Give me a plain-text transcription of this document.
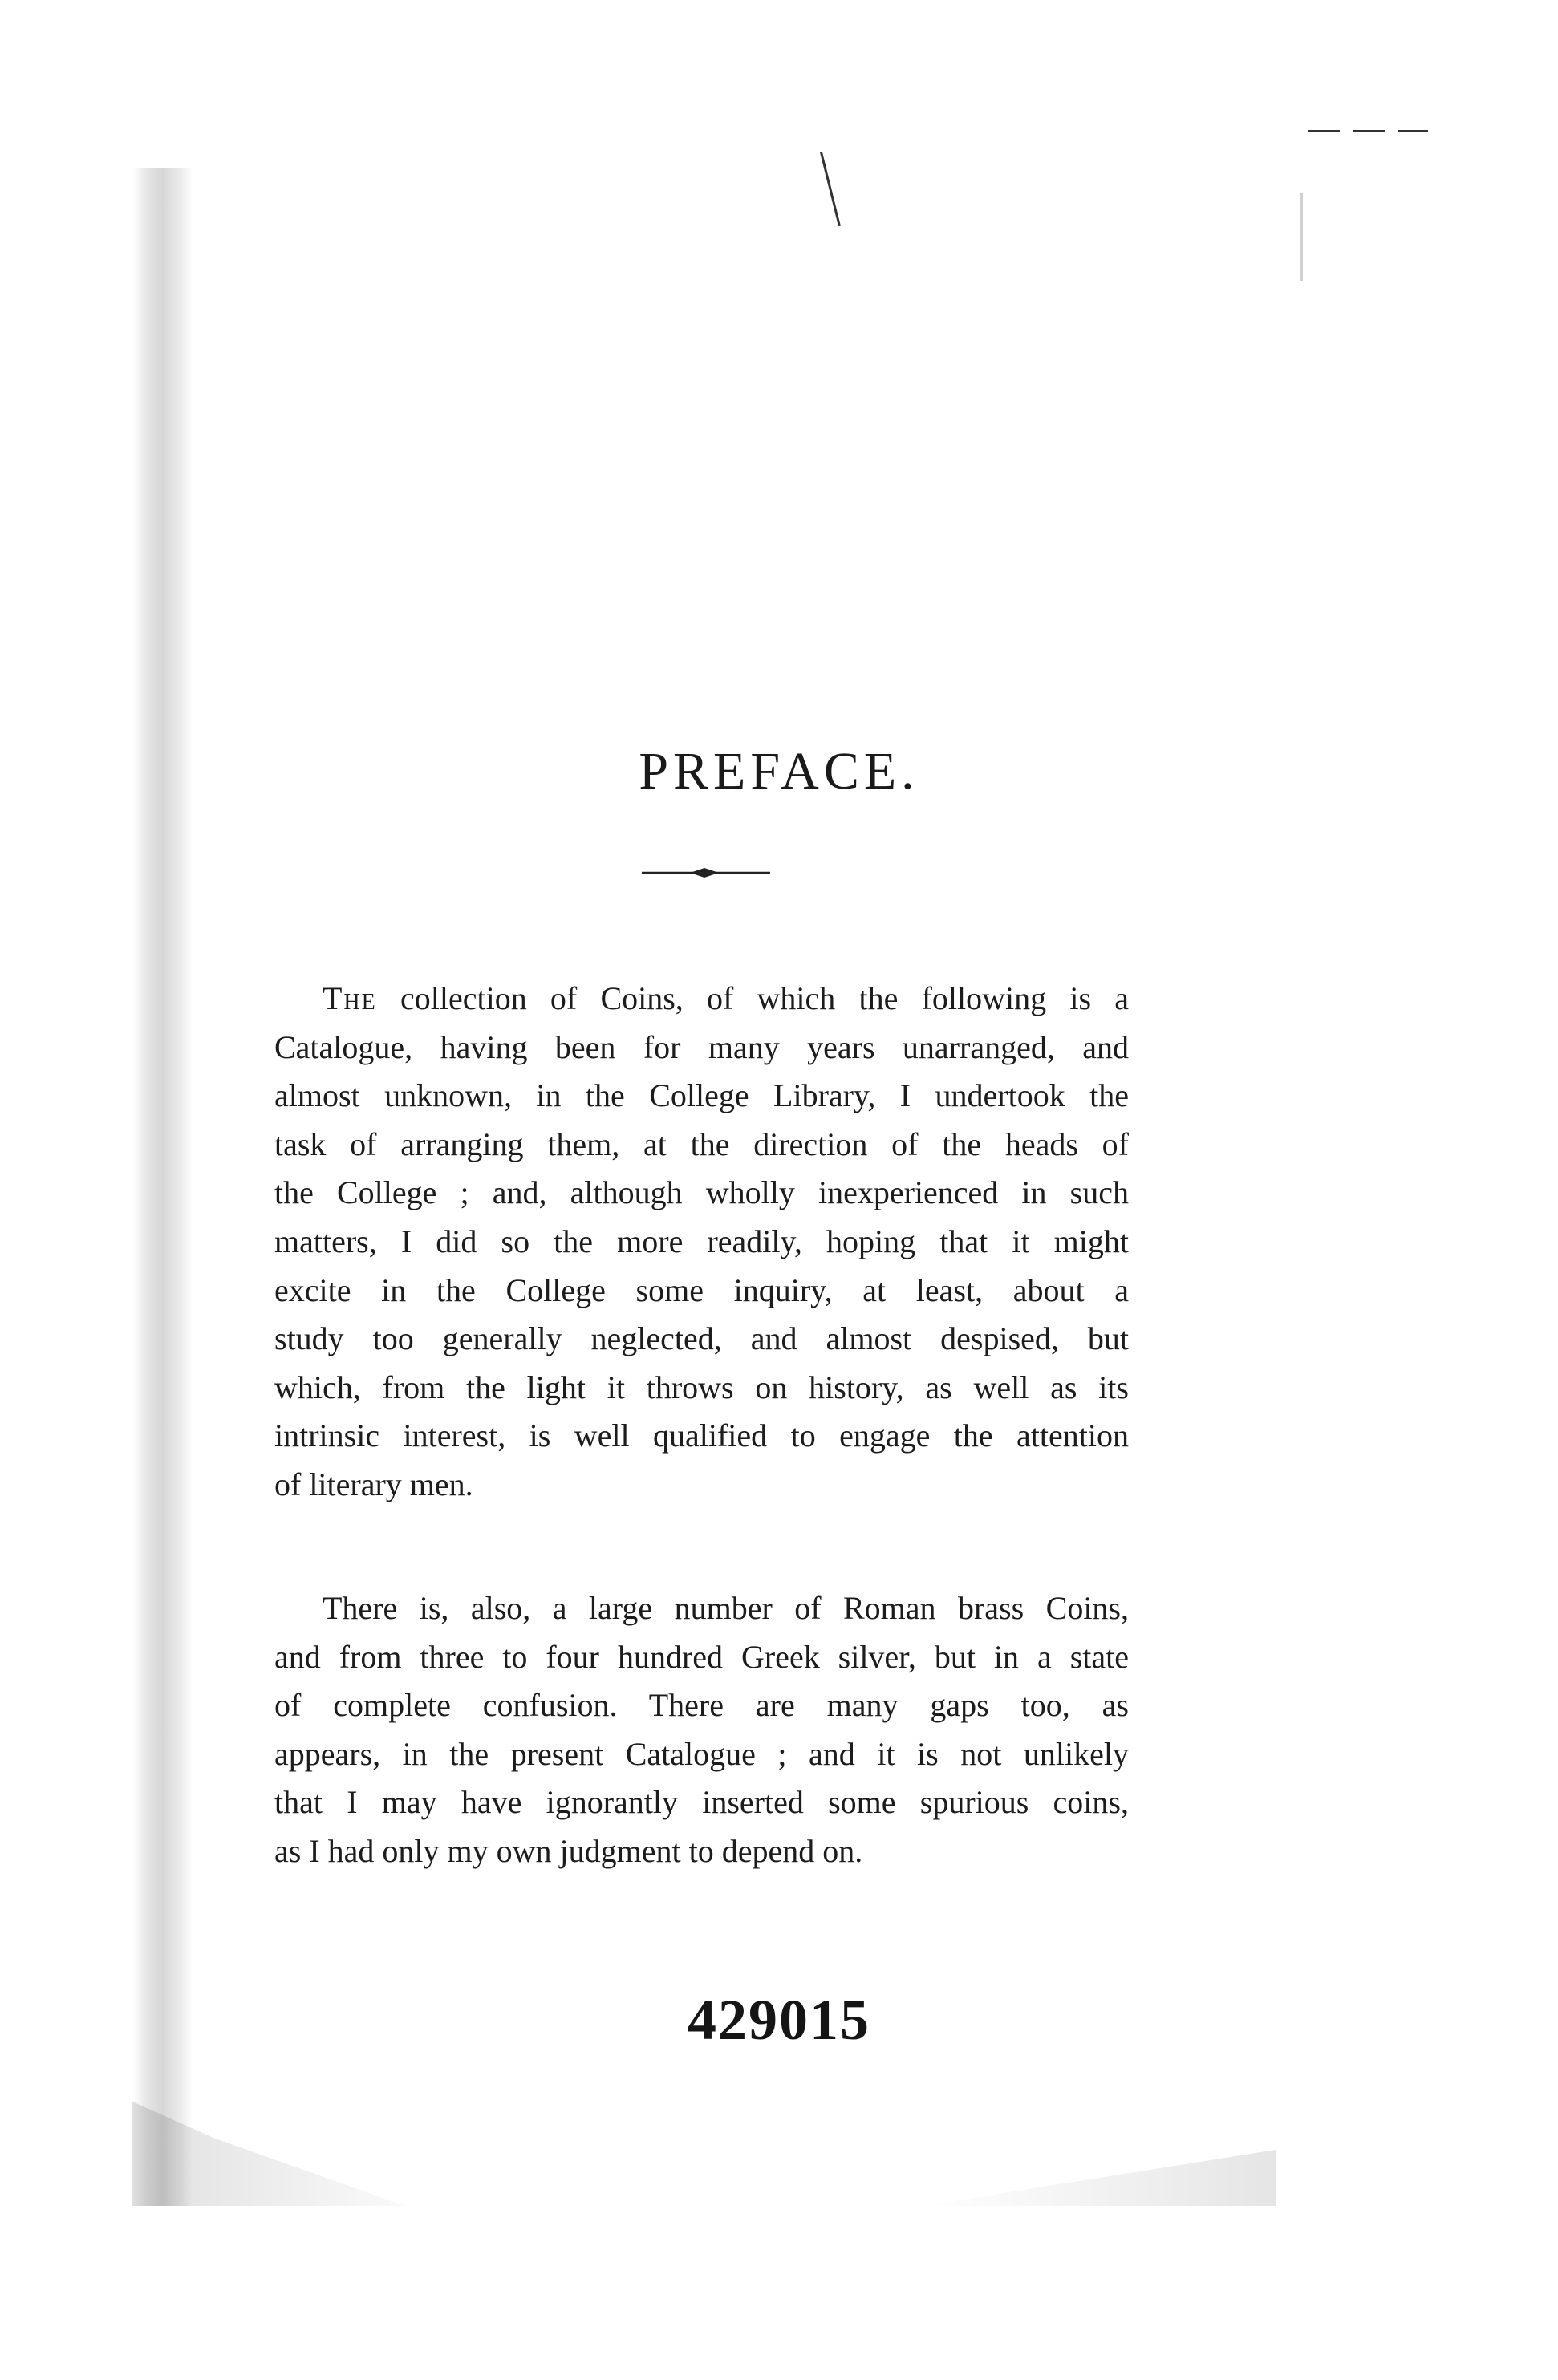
PREFACE.
The collection of Coins, of which the following is a
Catalogue, having been for many years unarranged, and
almost unknown, in the College Library, I undertook the
task of arranging them, at the direction of the heads of
the College ; and, although wholly inexperienced in such
matters, I did so the more readily, hoping that it might
excite in the College some inquiry, at least, about a
study too generally neglected, and almost despised, but
which, from the light it throws on history, as well as its
intrinsic interest, is well qualified to engage the attention
of literary men.
There is, also, a large number of Roman brass Coins,
and from three to four hundred Greek silver, but in a state
of complete confusion. There are many gaps too, as
appears, in the present Catalogue ; and it is not unlikely
that I may have ignorantly inserted some spurious coins,
as I had only my own judgment to depend on.
429015
